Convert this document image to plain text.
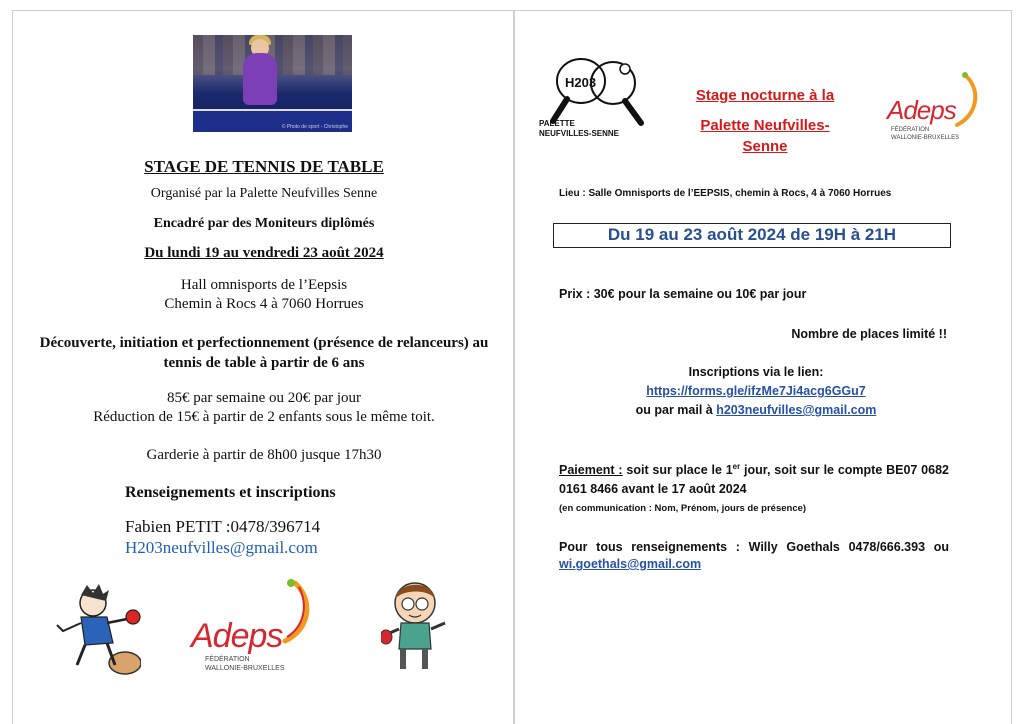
© Photo de sport - Christophe
STAGE DE TENNIS DE TABLE
Organisé par la Palette Neufvilles Senne
Encadré par des Moniteurs diplômés
Du lundi 19 au vendredi 23 août 2024
Hall omnisports de l’Eepsis
Chemin à Rocs 4 à 7060 Horrues
Découverte, initiation et perfectionnement (présence de relanceurs) au tennis de table à partir de 6 ans
85€ par semaine ou 20€ par jour
Réduction de 15€ à partir de 2 enfants sous le même toit.
Garderie à partir de 8h00 jusque 17h30
Renseignements et inscriptions
Fabien PETIT :0478/396714
H203neufvilles@gmail.com
Adeps
FÉDÉRATION
WALLONIE-BRUXELLES
H203
PALETTE
NEUFVILLES-SENNE
Stage nocturne à la
Palette Neufvilles-
Senne
Adeps
FÉDÉRATION
WALLONIE-BRUXELLES
Lieu : Salle Omnisports de l’EEPSIS, chemin à Rocs, 4 à 7060 Horrues
Du 19 au 23 août 2024 de 19H à 21H
Prix : 30€ pour la semaine ou 10€ par jour
Nombre de places limité !!
Inscriptions via le lien:
https://forms.gle/ifzMe7Ji4acg6GGu7
ou par mail à h203neufvilles@gmail.com
Paiement : soit sur place le 1er jour, soit sur le compte BE07 0682 0161 8466 avant le 17 août 2024
(en communication : Nom, Prénom, jours de présence)
Pour tous renseignements : Willy Goethals 0478/666.393 ou wi.goethals@gmail.com
